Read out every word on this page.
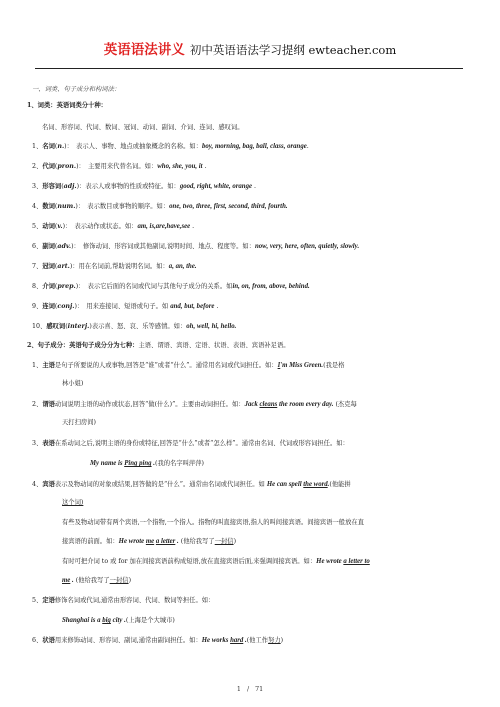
英语语法讲义 初中英语语法学习提纲 ewteacher.com
一、词类、句子成分和构词法：
1、词类：英语词类分十种：
名词、形容词、代词、数词、冠词、动词、副词、介词、连词、感叹词。
1、名词(n.)：　表示人、事物、地点或抽象概念的名称。如：boy, morning, bag, ball, class, orange.
2、代词(pron.)：　主要用来代替名词。如：who, she, you, it .
3、形容词(adj.)：表示人或事物的性质或特征。如：good, right, white, orange .
4、数词(num.)：　表示数目或事物的顺序。如：one, two, three, first, second, third, fourth.
5、动词(v.)：　表示动作或状态。如：am, is,are,have,see .
6、副词(adv.)：　修饰动词、形容词或其他副词,说明时间、地点、程度等。如：now, very, here, often, quietly, slowly.
7、冠词(art.)：用在名词前,帮助说明名词。如：a, an, the.
8、介词(prep.)：　表示它后面的名词或代词与其他句子成分的关系。如in, on, from, above, behind.
9、连词(conj.)：　用来连接词、短语或句子。如 and, but, before .
10、感叹词(interj.)表示喜、怒、哀、乐等感情。如：oh, well, hi, hello.
2、句子成分：英语句子成分分为七种：主语、谓语、宾语、定语、状语、表语、宾语补足语。
1、主语是句子所要说的人或事物,回答是“谁”或者“什么”。通常用名词或代词担任。如：I'm Miss Green.(我是格
林小姐)
2、谓语动词说明主语的动作或状态,回答“做(什么)”。主要由动词担任。如：Jack cleans the room every day. (杰克每
天打扫房间)
3、表语在系动词之后,说明主语的身份或特征,回答是“什么”或者“怎么样”。通常由名词、代词或形容词担任。如：
My name is Ping ping .(我的名字叫萍萍)
4、宾语表示及物动词的对象或结果,回答做的是“什么”。通常由名词或代词担任。如 He can spell the word.(他能拼
这个词)
有些及物动词带有两个宾语,一个指物,一个指人。指物的叫直接宾语,指人的叫间接宾语。间接宾语一般放在直
接宾语的前面。如：He wrote me a letter . (他给我写了一封信)
有时可把介词 to 或 for 加在间接宾语前构成短语,放在直接宾语后面,来强调间接宾语。如：He wrote a letter to
me . (他给我写了一封信)
5、定语修饰名词或代词,通常由形容词、代词、数词等担任。如：
Shanghai is a big city .(上海是个大城市)
6、状语用来修饰动词、形容词、副词,通常由副词担任。如：He works hard .(他工作努力)
1 / 71
